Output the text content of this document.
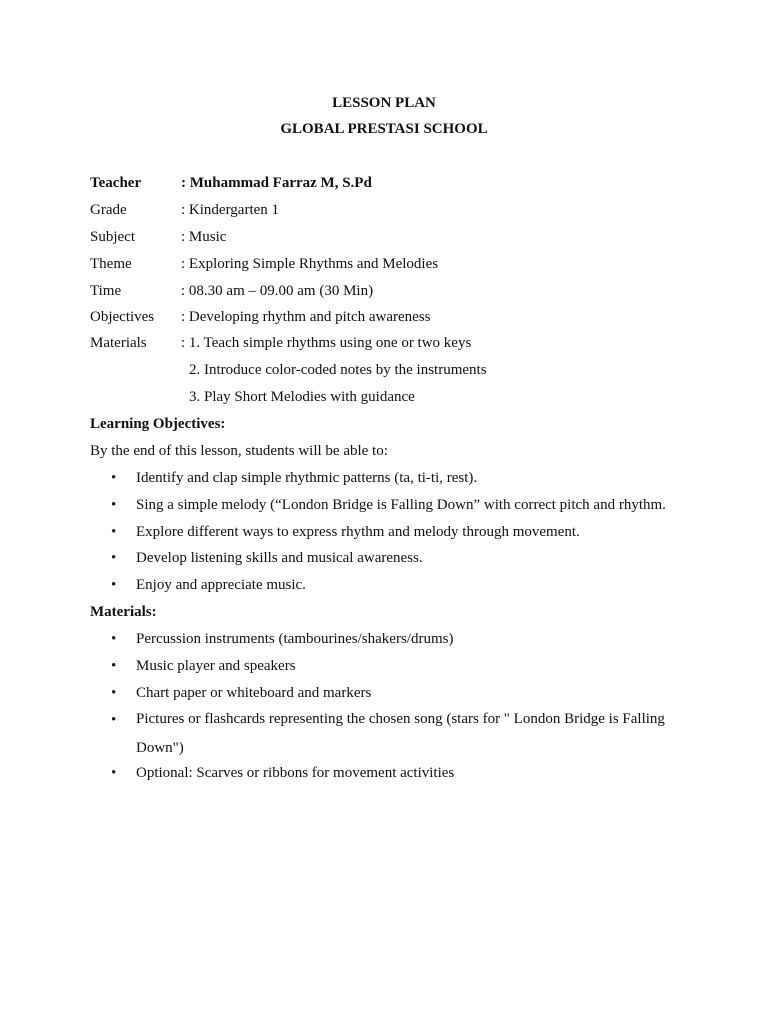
LESSON PLAN
GLOBAL PRESTASI SCHOOL
Teacher	: Muhammad Farraz M, S.Pd
Grade	: Kindergarten 1
Subject	: Music
Theme	: Exploring Simple Rhythms and Melodies
Time	: 08.30 am – 09.00 am (30 Min)
Objectives : Developing rhythm and pitch awareness
Materials : 1. Teach simple rhythms using one or two keys
2. Introduce color-coded notes by the instruments
3. Play Short Melodies with guidance
Learning Objectives:
By the end of this lesson, students will be able to:
• Identify and clap simple rhythmic patterns (ta, ti-ti, rest).
• Sing a simple melody (“London Bridge is Falling Down” with correct pitch and rhythm.
• Explore different ways to express rhythm and melody through movement.
• Develop listening skills and musical awareness.
• Enjoy and appreciate music.
Materials:
• Percussion instruments (tambourines/shakers/drums)
• Music player and speakers
• Chart paper or whiteboard and markers
• Pictures or flashcards representing the chosen song (stars for " London Bridge is Falling Down")
• Optional: Scarves or ribbons for movement activities
